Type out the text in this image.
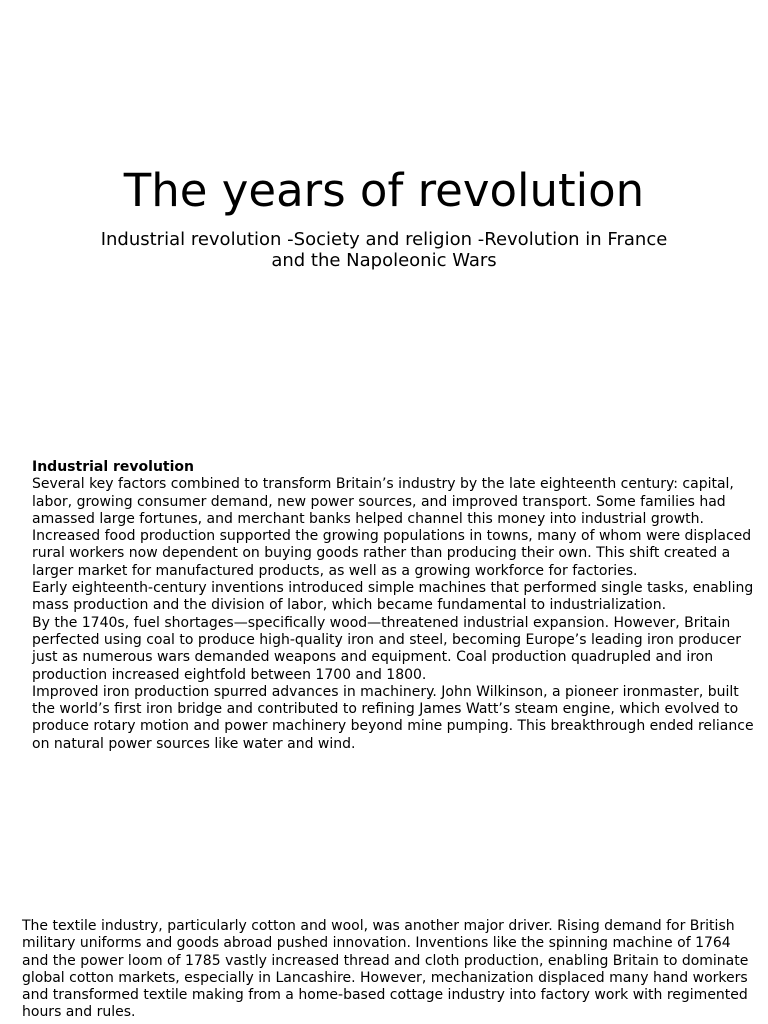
The years of revolution

Industrial revolution -Society and religion -Revolution in France and the Napoleonic Wars

Industrial revolution

Several key factors combined to transform Britain’s industry by the late eighteenth century: capital, labor, growing consumer demand, new power sources, and improved transport. Some families had amassed large fortunes, and merchant banks helped channel this money into industrial growth.

Increased food production supported the growing populations in towns, many of whom were displaced rural workers now dependent on buying goods rather than producing their own. This shift created a larger market for manufactured products, as well as a growing workforce for factories.

Early eighteenth-century inventions introduced simple machines that performed single tasks, enabling mass production and the division of labor, which became fundamental to industrialization.

By the 1740s, fuel shortages—specifically wood—threatened industrial expansion. However, Britain perfected using coal to produce high-quality iron and steel, becoming Europe’s leading iron producer just as numerous wars demanded weapons and equipment. Coal production quadrupled and iron production increased eightfold between 1700 and 1800.

Improved iron production spurred advances in machinery. John Wilkinson, a pioneer ironmaster, built the world’s first iron bridge and contributed to refining James Watt’s steam engine, which evolved to produce rotary motion and power machinery beyond mine pumping. This breakthrough ended reliance on natural power sources like water and wind.

The textile industry, particularly cotton and wool, was another major driver. Rising demand for British military uniforms and goods abroad pushed innovation. Inventions like the spinning machine of 1764 and the power loom of 1785 vastly increased thread and cloth production, enabling Britain to dominate global cotton markets, especially in Lancashire. However, mechanization displaced many hand workers and transformed textile making from a home-based cottage industry into factory work with regimented hours and rules.
